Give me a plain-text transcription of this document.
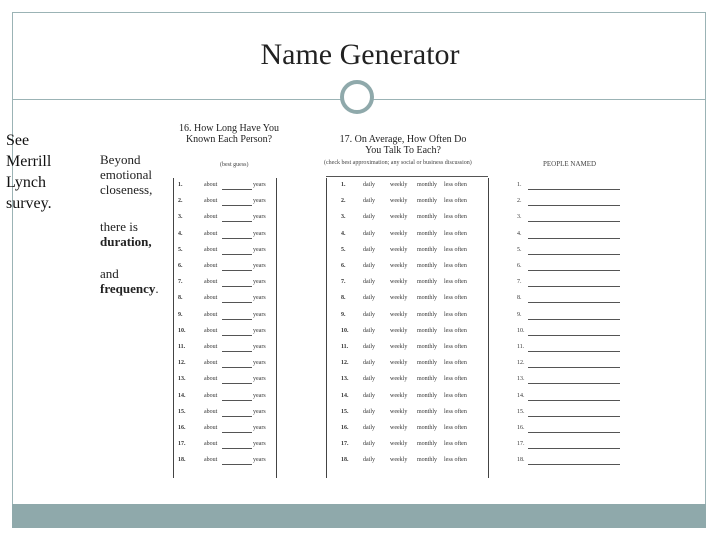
Name Generator
See
Merrill
Lynch
survey.
Beyond
emotional
closeness,
there is
duration,
and
frequency.
16. How Long Have You Known Each Person?
(best guess)
17. On Average, How Often Do You Talk To Each?
(check best approximation; any social or business discussion)	PEOPLE NAMED
1.	about	years	1.	daily	weekly monthly less often	1.
2.	about	years	2.	daily	weekly monthly less often	2.
3.	about	years	3.	daily	weekly monthly less often	3.
4.	about	years	4.	daily	weekly monthly less often	4.
5.	about	years	5.	daily	weekly monthly less often	5.
6.	about	years	6.	daily	weekly monthly less often	6.
7.	about	years	7.	daily	weekly monthly less often	7.
8.	about	years	8.	daily	weekly monthly less often	8.
9.	about	years	9.	daily	weekly monthly less often	9.
10.	about	years	10. daily	weekly monthly less often	10.
11.	about	years	11. daily	weekly monthly less often	11.
12.	about	years	12. daily	weekly monthly less often	12.
13.	about	years	13. daily	weekly monthly less often	13.
14.	about	years	14. daily	weekly monthly less often	14.
15.	about	years	15. daily	weekly monthly less often	15.
16.	about	years	16. daily	weekly monthly less often	16.
17.	about	years	17. daily	weekly monthly less often	17.
18.	about	years	18. daily	weekly monthly less often	18.
